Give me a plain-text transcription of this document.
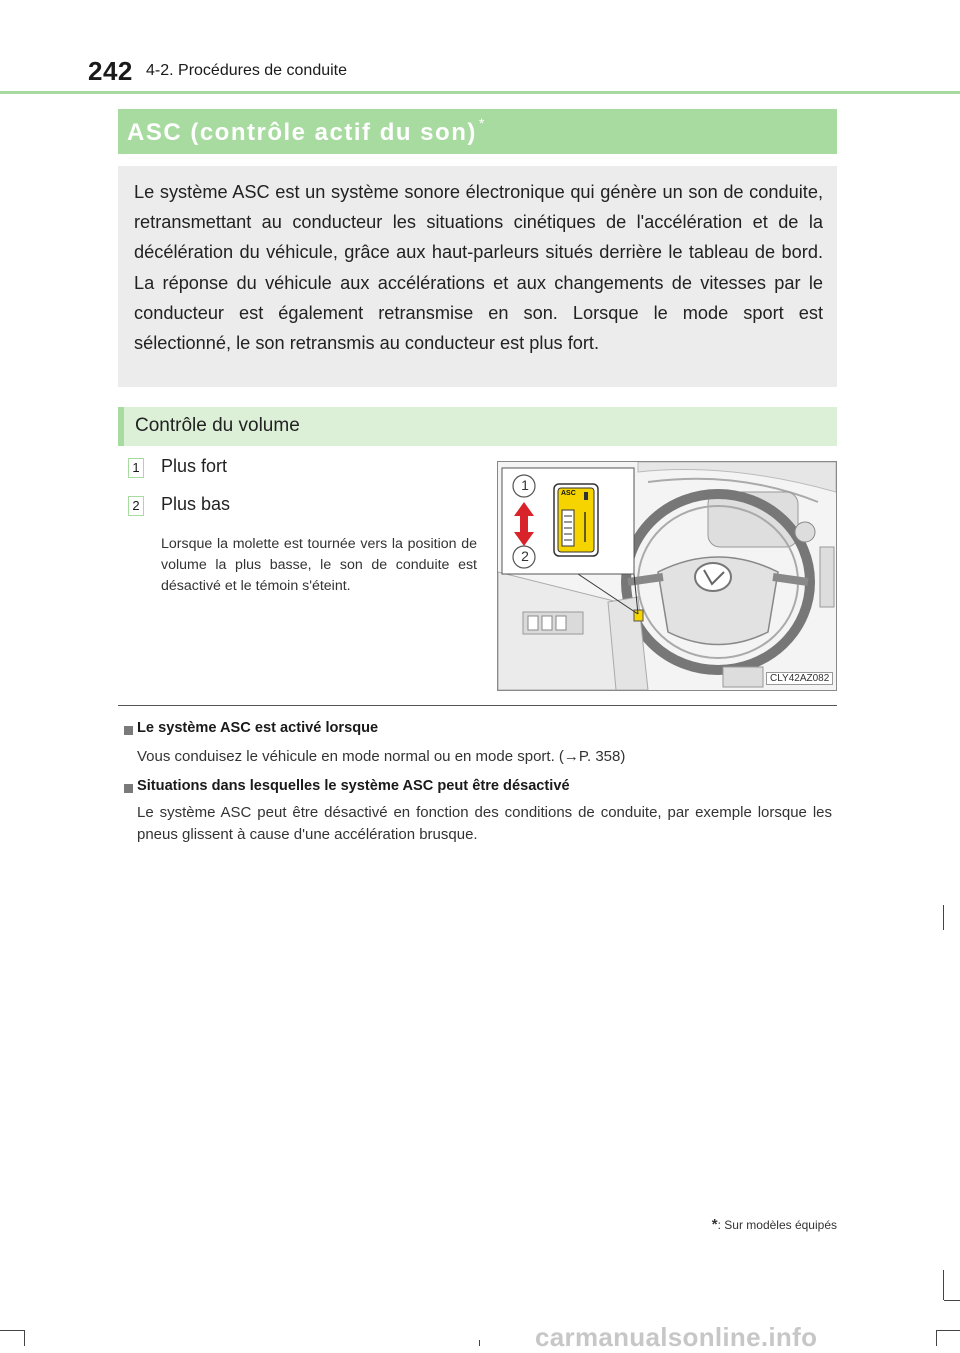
242 4-2. Procédures de conduite
ASC (contrôle actif du son) *

Le système ASC est un système sonore électronique qui génère un son de conduite, retransmettant au conducteur les situations cinétiques de l'accélération et de la décélération du véhicule, grâce aux haut-parleurs situés derrière le tableau de bord. La réponse du véhicule aux accélérations et aux changements de vitesses par le conducteur est également retransmise en son. Lorsque le mode sport est sélectionné, le son retransmis au conducteur est plus fort.

Contrôle du volume
1 Plus fort
2 Plus bas

Lorsque la molette est tournée vers la position de volume la plus basse, le son de conduite est désactivé et le témoin s'éteint.

1
2
ASC
CLY42AZ082
Le système ASC est activé lorsque

Vous conduisez le véhicule en mode normal ou en mode sport. (→P. 358)

Situations dans lesquelles le système ASC peut être désactivé

Le système ASC peut être désactivé en fonction des conditions de conduite, par exemple lorsque les pneus glissent à cause d'une accélération brusque.

*: Sur modèles équipés
carmanualsonline.info
